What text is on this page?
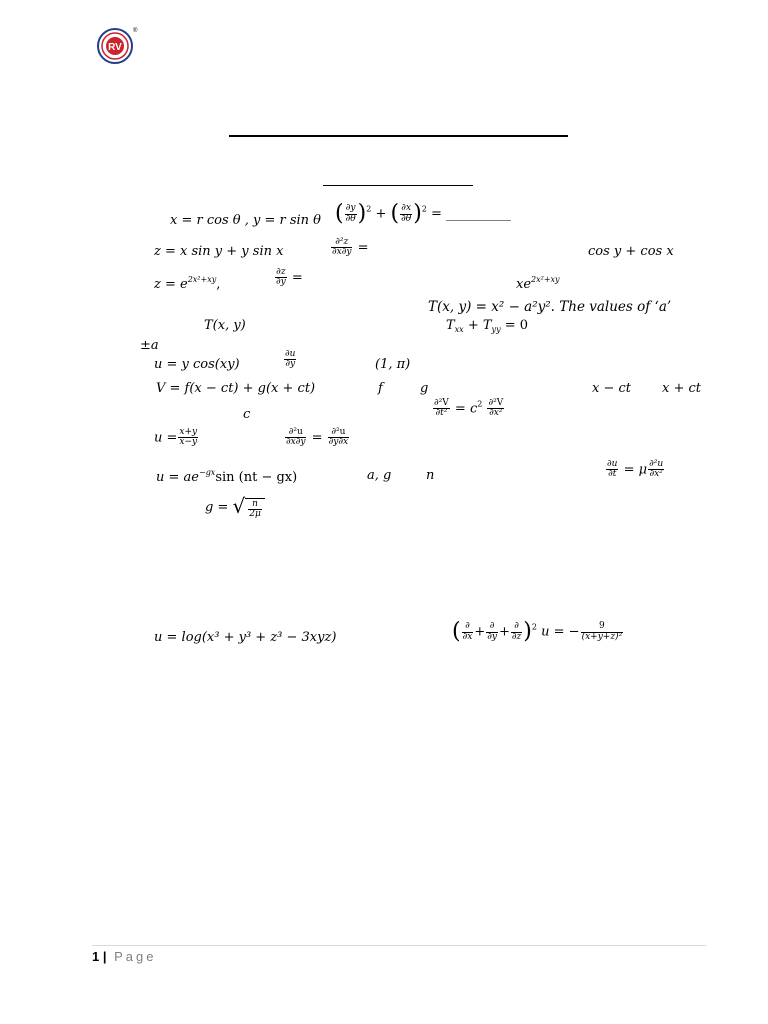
RV
®
x = r cos θ , y = r sin θ ( $\frac{\partial y}{\partial\theta} )^2$ + ( $\frac{\partial x}{\partial\theta} )^2$ = __________
z = x sin y + y sin x	$\frac{\text{∂²z}}{\partial x\partial y}$ =	cos y + cos x
$z = e^{2x^2+xy}$,	$\frac{\partial z}{\partial y}$ =	$xe^{2x^2+xy}$
T(x, y) = x² − a²y². The values of ‘a’
T(x, y)	$T_{xx} + T_{yy} = 0$
±a
u = y cos(xy)	$\frac{\partial u}{\partial y}$	(1, π)
V = f(x − ct) + g(x + ct)	f	g	x − ct x + ct
c	$\frac{\text{∂²V}}{\text{∂t²}} = c^2 \frac{\text{∂²V}}{\text{∂x²}}$
$u = \frac{x+y}{x-y}$	$\frac{\text{∂²u}}{\partial x\partial y} = \frac{\text{∂²u}}{\partial y\partial x}$
$u = ae^{-gx}\sin$ (nt − gx)	a, g	n	$\frac{\partial u}{\partial t} = \mu \frac{\text{∂²u}}{\text{∂x²}}$
g = √ $\frac{n}{2\mu}$
u = log(x³ + y³ + z³ − 3xyz)	( $\frac{\partial}{\partial x} + \frac{\partial}{\partial y} + \frac{\partial}{\partial z} )^2$ u = − $\frac{9}{\text{(x+y+z)²}}$
1 | Page
